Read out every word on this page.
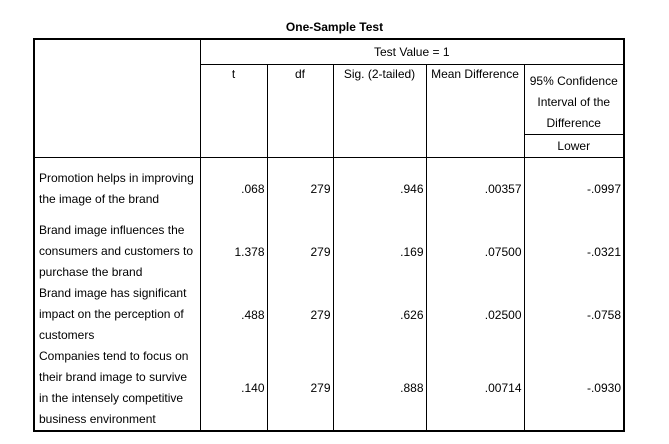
One-Sample Test
	Test Value = 1				
	t	df	Sig. (2-tailed)	Mean Difference	95% Confidence Interval of the Difference

					Lower
Promotion helps in improving the image of the brand	.068	279	.946	.00357	-.0997
Brand image influences the consumers and customers to purchase the brand	1.378	279	.169	.07500	-.0321
Brand image has significant impact on the perception of customers	.488	279	.626	.02500	-.0758
Companies tend to focus on their brand image to survive in the intensely competitive business environment	.140	279	.888	.00714	-.0930
